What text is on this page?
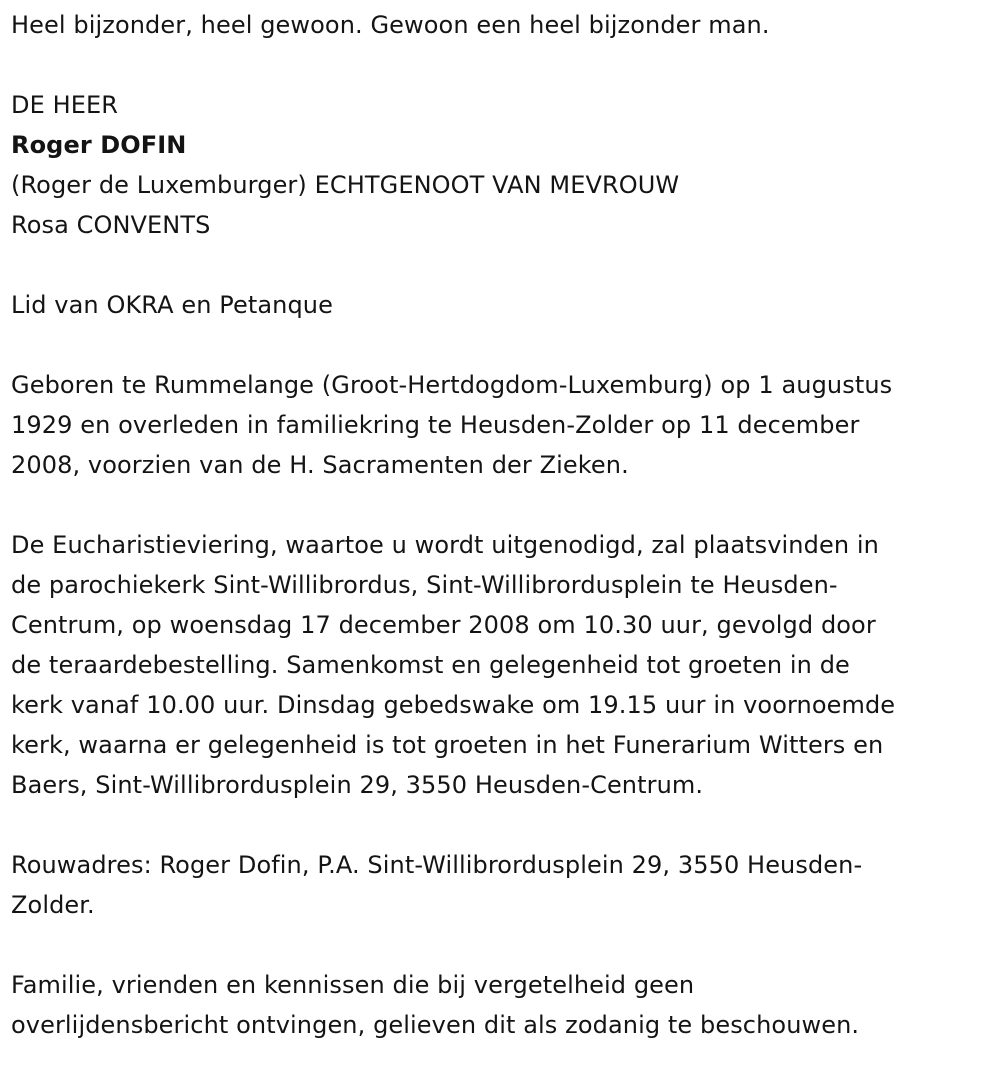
Heel bijzonder, heel gewoon. Gewoon een heel bijzonder man.

DE HEER

Roger DOFIN

(Roger de Luxemburger) ECHTGENOOT VAN MEVROUW

Rosa CONVENTS

Lid van OKRA en Petanque

Geboren te Rummelange (Groot-Hertdogdom-Luxemburg) op 1 augustus

1929 en overleden in familiekring te Heusden-Zolder op 11 december

2008, voorzien van de H. Sacramenten der Zieken.

De Eucharistieviering, waartoe u wordt uitgenodigd, zal plaatsvinden in

de parochiekerk Sint-Willibrordus, Sint-Willibrordusplein te Heusden-

Centrum, op woensdag 17 december 2008 om 10.30 uur, gevolgd door

de teraardebestelling. Samenkomst en gelegenheid tot groeten in de

kerk vanaf 10.00 uur. Dinsdag gebedswake om 19.15 uur in voornoemde

kerk, waarna er gelegenheid is tot groeten in het Funerarium Witters en

Baers, Sint-Willibrordusplein 29, 3550 Heusden-Centrum.

Rouwadres: Roger Dofin, P.A. Sint-Willibrordusplein 29, 3550 Heusden-

Zolder.

Familie, vrienden en kennissen die bij vergetelheid geen

overlijdensbericht ontvingen, gelieven dit als zodanig te beschouwen.
